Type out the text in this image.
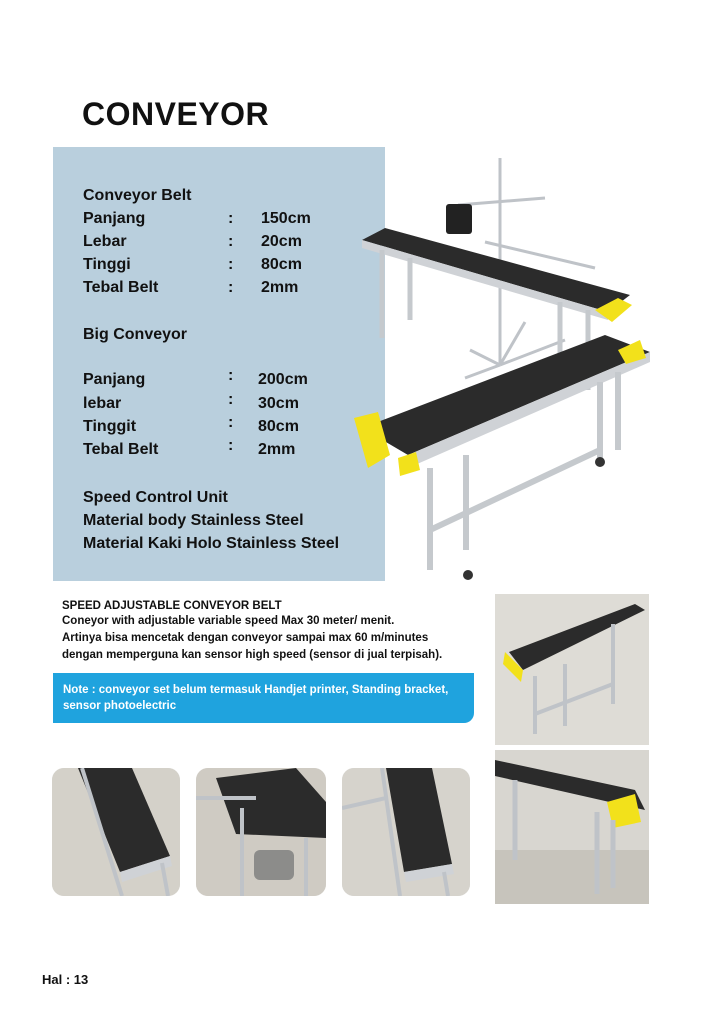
CONVEYOR
Conveyor Belt
Panjang	: 150cm
Lebar	: 20cm
Tinggi	: 80cm
Tebal Belt	: 2mm
Big Conveyor
Panjang	: 200cm
lebar	: 30cm
Tinggit	: 80cm
Tebal Belt	: 2mm
Speed Control Unit
Material body Stainless Steel
Material Kaki Holo Stainless Steel
SPEED ADJUSTABLE CONVEYOR BELT
Coneyor with adjustable variable speed Max 30 meter/ menit.
Artinya bisa mencetak dengan conveyor sampai max 60 m/minutes
dengan memperguna kan sensor high speed (sensor di jual terpisah).
Note : conveyor set belum termasuk Handjet printer, Standing bracket, sensor photoelectric
Hal : 13
